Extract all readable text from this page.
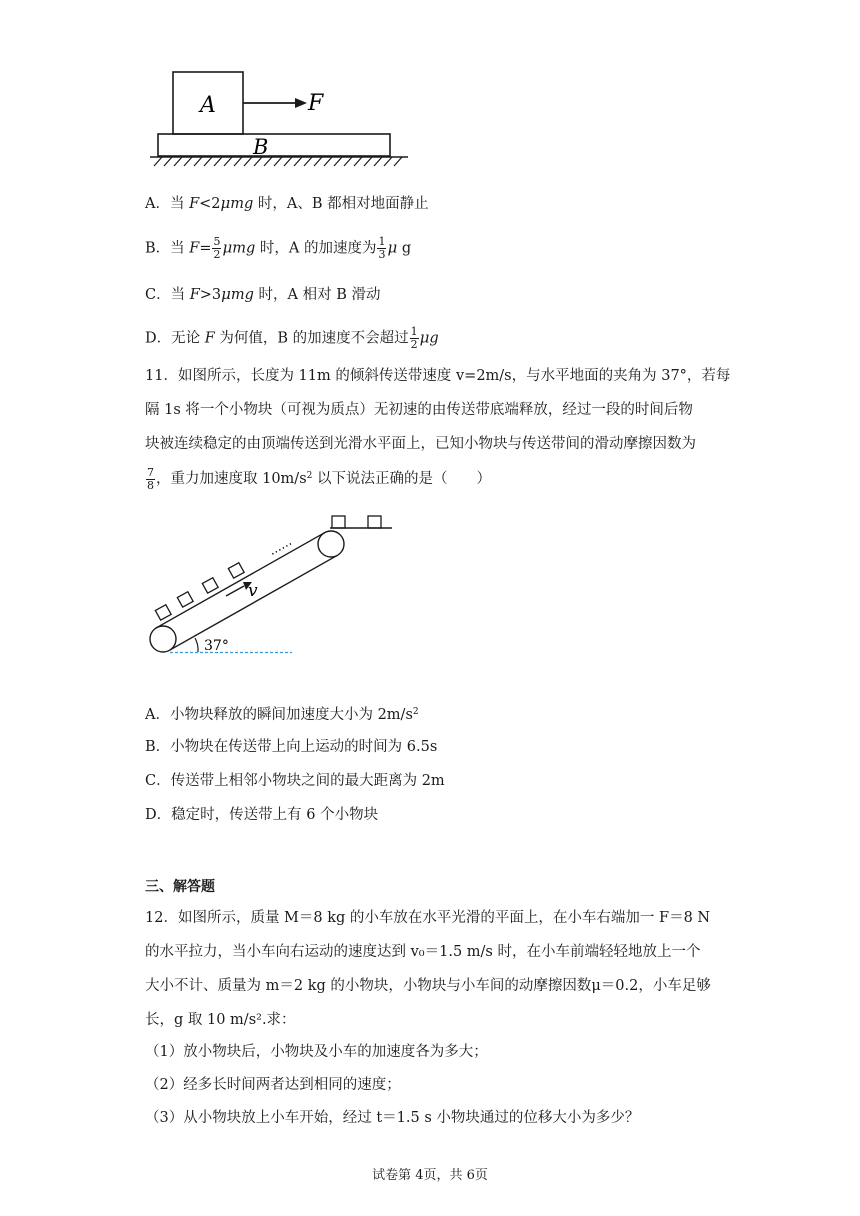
A	F
B
A．当 F<2μmg 时，A、B 都相对地面静止
B．当 $F= \frac{5}{2}$ μmg 时，A 的加速度为 $\frac{1}{3}$ μ g
C．当 F>3μmg 时，A 相对 B 滑动
D．无论 F 为何值，B 的加速度不会超过 $\frac{1}{2}$ μg
11．如图所示，长度为 11m 的倾斜传送带速度 v=2m/s，与水平地面的夹角为 37°，若每
隔 1s 将一个小物块（可视为质点）无初速的由传送带底端释放，经过一段的时间后物
块被连续稳定的由顶端传送到光滑水平面上，已知小物块与传送带间的滑动摩擦因数为
$\frac{7}{8}$ ，重力加速度取 $10m/s^2$ 以下说法正确的是（　　）
……
v
37°
A．小物块释放的瞬间加速度大小为 $2m/s^2$
B．小物块在传送带上向上运动的时间为 6.5s
C．传送带上相邻小物块之间的最大距离为 2m
D．稳定时，传送带上有 6 个小物块
三、解答题
12．如图所示，质量 M＝8 kg 的小车放在水平光滑的平面上，在小车右端加一 F＝8 N
的水平拉力，当小车向右运动的速度达到 v₀＝1.5 m/s 时，在小车前端轻轻地放上一个
大小不计、质量为 m＝2 kg 的小物块，小物块与小车间的动摩擦因数μ＝0.2，小车足够
长，g 取 10 m/s².求：
（1）放小物块后，小物块及小车的加速度各为多大；
（2）经多长时间两者达到相同的速度；
（3）从小物块放上小车开始，经过 t＝1.5 s 小物块通过的位移大小为多少？
试卷第 4页，共 6页
